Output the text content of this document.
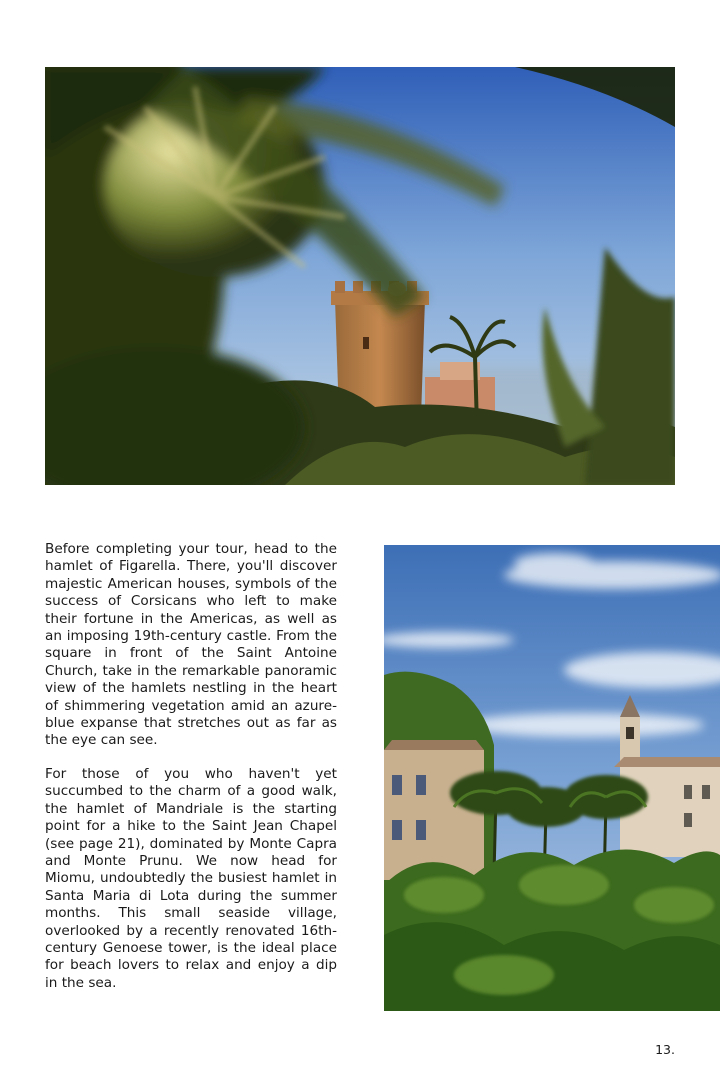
Before completing your tour, head to the hamlet of Figarella. There, you'll discover majestic American houses, symbols of the success of Corsicans who left to make their fortune in the Americas, as well as an imposing 19th-century castle. From the square in front of the Saint Antoine Church, take in the remarkable panoramic view of the hamlets nestling in the heart of shimmering vegetation amid an azure-blue expanse that stretches out as far as the eye can see.

For those of you who haven't yet succumbed to the charm of a good walk, the hamlet of Mandriale is the starting point for a hike to the Saint Jean Chapel (see page 21), dominated by Monte Capra and Monte Prunu. We now head for Miomu, undoubtedly the busiest hamlet in Santa Maria di Lota during the summer months. This small seaside village, overlooked by a recently renovated 16th-century Genoese tower, is the ideal place for beach lovers to relax and enjoy a dip in the sea.

13.
